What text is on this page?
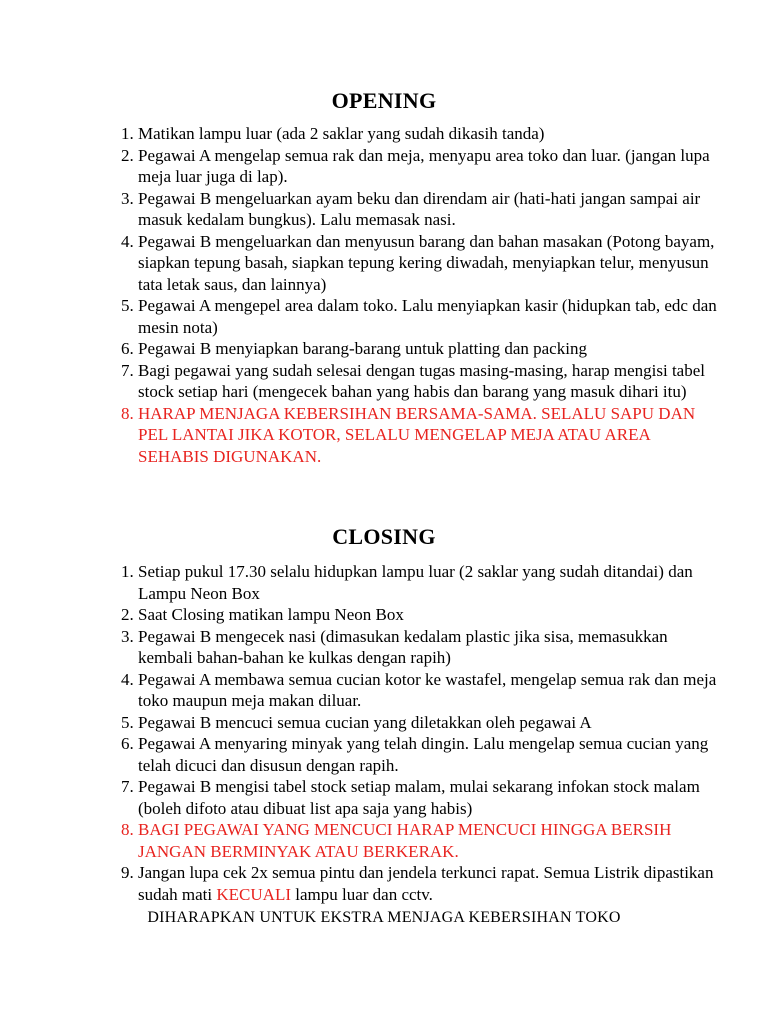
OPENING
1. Matikan lampu luar (ada 2 saklar yang sudah dikasih tanda)
2. Pegawai A mengelap semua rak dan meja, menyapu area toko dan luar. (jangan lupa meja luar juga di lap).
3. Pegawai B mengeluarkan ayam beku dan direndam air (hati-hati jangan sampai air masuk kedalam bungkus). Lalu memasak nasi.
4. Pegawai B mengeluarkan dan menyusun barang dan bahan masakan (Potong bayam, siapkan tepung basah, siapkan tepung kering diwadah, menyiapkan telur, menyusun tata letak saus, dan lainnya)
5. Pegawai A mengepel area dalam toko. Lalu menyiapkan kasir (hidupkan tab, edc dan mesin nota)
6. Pegawai B menyiapkan barang-barang untuk platting dan packing
7. Bagi pegawai yang sudah selesai dengan tugas masing-masing, harap mengisi tabel stock setiap hari (mengecek bahan yang habis dan barang yang masuk dihari itu)
8. HARAP MENJAGA KEBERSIHAN BERSAMA-SAMA. SELALU SAPU DAN PEL LANTAI JIKA KOTOR, SELALU MENGELAP MEJA ATAU AREA SEHABIS DIGUNAKAN.
CLOSING
1. Setiap pukul 17.30 selalu hidupkan lampu luar (2 saklar yang sudah ditandai) dan Lampu Neon Box
2. Saat Closing matikan lampu Neon Box
3. Pegawai B mengecek nasi (dimasukan kedalam plastic jika sisa, memasukkan kembali bahan-bahan ke kulkas dengan rapih)
4. Pegawai A membawa semua cucian kotor ke wastafel, mengelap semua rak dan meja toko maupun meja makan diluar.
5. Pegawai B mencuci semua cucian yang diletakkan oleh pegawai A
6. Pegawai A menyaring minyak yang telah dingin. Lalu mengelap semua cucian yang telah dicuci dan disusun dengan rapih.
7. Pegawai B mengisi tabel stock setiap malam, mulai sekarang infokan stock malam (boleh difoto atau dibuat list apa saja yang habis)
8. BAGI PEGAWAI YANG MENCUCI HARAP MENCUCI HINGGA BERSIH JANGAN BERMINYAK ATAU BERKERAK.
9. Jangan lupa cek 2x semua pintu dan jendela terkunci rapat. Semua Listrik dipastikan sudah mati KECUALI lampu luar dan cctv.
DIHARAPKAN UNTUK EKSTRA MENJAGA KEBERSIHAN TOKO
